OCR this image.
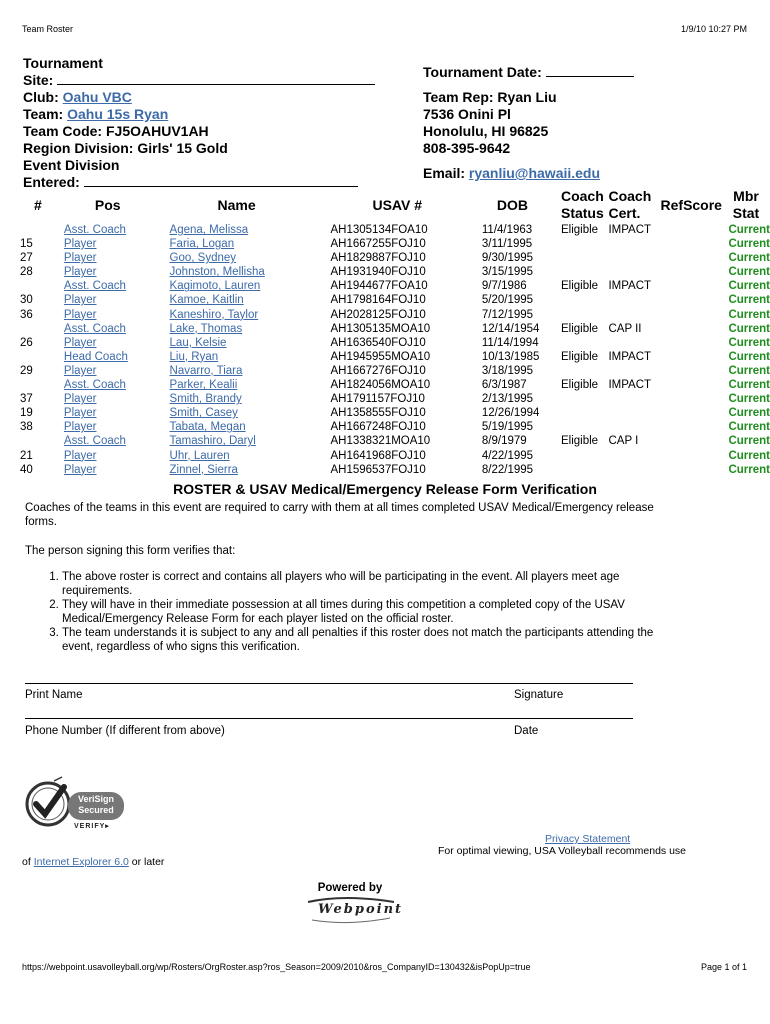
Team Roster	1/9/10 10:27 PM
Tournament
Site:
Club: Oahu VBC
Team: Oahu 15s Ryan
Team Code: FJ5OAHUV1AH
Region Division: Girls' 15 Gold
Event Division
Entered:
Tournament Date:
Team Rep: Ryan Liu
7536 Onini Pl
Honolulu, HI 96825
808-395-9642
Email: ryanliu@hawaii.edu
#	Pos	Name	USAV #	DOB	Coach Status	Coach Cert.	RefScore	Mbr Stat
	Asst. Coach	Agena, Melissa	AH1305134FOA10	11/4/1963	Eligible	IMPACT		Current
15	Player	Faria, Logan	AH1667255FOJ10	3/11/1995				Current
27	Player	Goo, Sydney	AH1829887FOJ10	9/30/1995				Current
28	Player	Johnston, Mellisha	AH1931940FOJ10	3/15/1995				Current
	Asst. Coach	Kagimoto, Lauren	AH1944677FOA10	9/7/1986	Eligible	IMPACT		Current
30	Player	Kamoe, Kaitlin	AH1798164FOJ10	5/20/1995				Current
36	Player	Kaneshiro, Taylor	AH2028125FOJ10	7/12/1995				Current
	Asst. Coach	Lake, Thomas	AH1305135MOA10	12/14/1954	Eligible	CAP II		Current
26	Player	Lau, Kelsie	AH1636540FOJ10	11/14/1994				Current
	Head Coach	Liu, Ryan	AH1945955MOA10	10/13/1985	Eligible	IMPACT		Current
29	Player	Navarro, Tiara	AH1667276FOJ10	3/18/1995				Current
	Asst. Coach	Parker, Kealii	AH1824056MOA10	6/3/1987	Eligible	IMPACT		Current
37	Player	Smith, Brandy	AH1791157FOJ10	2/13/1995				Current
19	Player	Smith, Casey	AH1358555FOJ10	12/26/1994				Current
38	Player	Tabata, Megan	AH1667248FOJ10	5/19/1995				Current
	Asst. Coach	Tamashiro, Daryl	AH1338321MOA10	8/9/1979	Eligible	CAP I		Current
21	Player	Uhr, Lauren	AH1641968FOJ10	4/22/1995				Current
40	Player	Zinnel, Sierra	AH1596537FOJ10	8/22/1995				Current
ROSTER & USAV Medical/Emergency Release Form Verification
Coaches of the teams in this event are required to carry with them at all times completed USAV Medical/Emergency release forms.
The person signing this form verifies that:
1. The above roster is correct and contains all players who will be participating in the event. All players meet age requirements.
2. They will have in their immediate possession at all times during this competition a completed copy of the USAV Medical/Emergency Release Form for each player listed on the official roster.
3. The team understands it is subject to any and all penalties if this roster does not match the participants attending the event, regardless of who signs this verification.
Print Name	Signature
Phone Number (If different from above)	Date
VeriSign
Secured
VERIFY▸
Privacy Statement
For optimal viewing, USA Volleyball recommends use
of Internet Explorer 6.0 or later
Powered by
Webpoint
https://webpoint.usavolleyball.org/wp/Rosters/OrgRoster.asp?ros_Season=2009/2010&ros_CompanyID=130432&isPopUp=true	Page 1 of 1
